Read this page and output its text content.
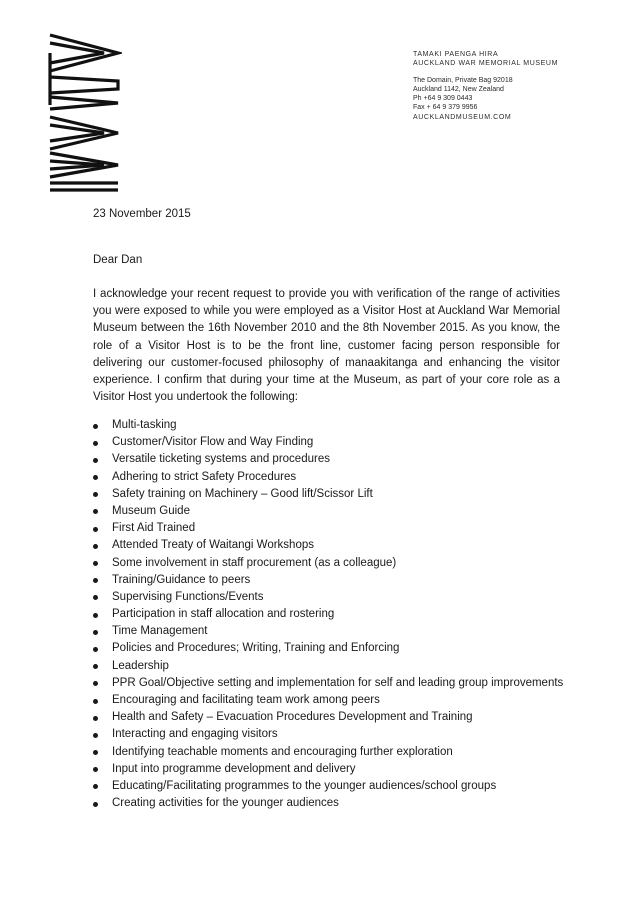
TAMAKI PAENGA HIRA
AUCKLAND WAR MEMORIAL MUSEUM
The Domain, Private Bag 92018
Auckland 1142, New Zealand
Ph +64 9 309 0443
Fax + 64 9 379 9956
AUCKLANDMUSEUM.COM
23 November 2015
Dear Dan
I acknowledge your recent request to provide you with verification of the range of activities you were exposed to while you were employed as a Visitor Host at Auckland War Memorial Museum between the 16th November 2010 and the 8th November 2015. As you know, the role of a Visitor Host is to be the front line, customer facing person responsible for delivering our customer-focused philosophy of manaakitanga and enhancing the visitor experience. I confirm that during your time at the Museum, as part of your core role as a Visitor Host you undertook the following:
Multi-tasking
Customer/Visitor Flow and Way Finding
Versatile ticketing systems and procedures
Adhering to strict Safety Procedures
Safety training on Machinery – Good lift/Scissor Lift
Museum Guide
First Aid Trained
Attended Treaty of Waitangi Workshops
Some involvement in staff procurement (as a colleague)
Training/Guidance to peers
Supervising Functions/Events
Participation in staff allocation and rostering
Time Management
Policies and Procedures; Writing, Training and Enforcing
Leadership
PPR Goal/Objective setting and implementation for self and leading group improvements
Encouraging and facilitating team work among peers
Health and Safety – Evacuation Procedures Development and Training
Interacting and engaging visitors
Identifying teachable moments and encouraging further exploration
Input into programme development and delivery
Educating/Facilitating programmes to the younger audiences/school groups
Creating activities for the younger audiences
